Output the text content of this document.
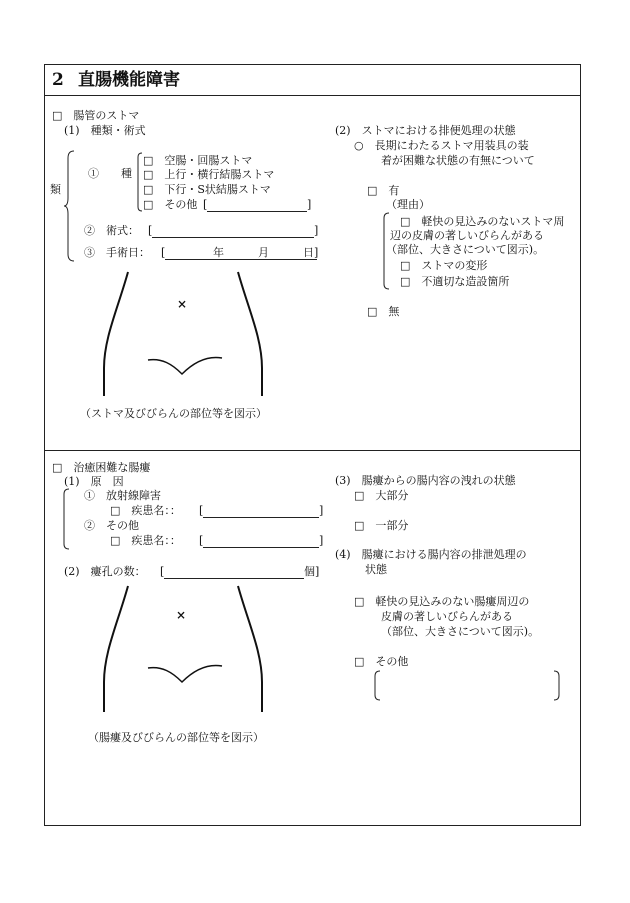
2 直腸機能障害
□　腸管のストマ
(1)　種類・術式
類
①　　種
□　空腸・回腸ストマ
□　上行・横行結腸ストマ
□　下行・S状結腸ストマ
□　その他 [	]
②　術式： [	]
③　手術日： [	年	月	日]
×
（ストマ及びびらんの部位等を図示）
(2)　ストマにおける排便処理の状態
○　長期にわたるストマ用装具の装
着が困難な状態の有無について
□　有
（理由）
□　軽快の見込みのないストマ周
辺の皮膚の著しいびらんがある
（部位、大きさについて図示)。
□　ストマの変形
□　不適切な造設箇所
□　無
□　治癒困難な腸瘻
(1)　原　因
①　放射線障害
□　疾患名：： [	]
②　その他
□　疾患名：： [	]
(2)　瘻孔の数： [	個]
×
（腸瘻及びびらんの部位等を図示）
(3)　腸瘻からの腸内容の洩れの状態
□　大部分
□　一部分
(4)　腸瘻における腸内容の排泄処理の
状態
□　軽快の見込みのない腸瘻周辺の
皮膚の著しいびらんがある
（部位、大きさについて図示)。
□　その他
